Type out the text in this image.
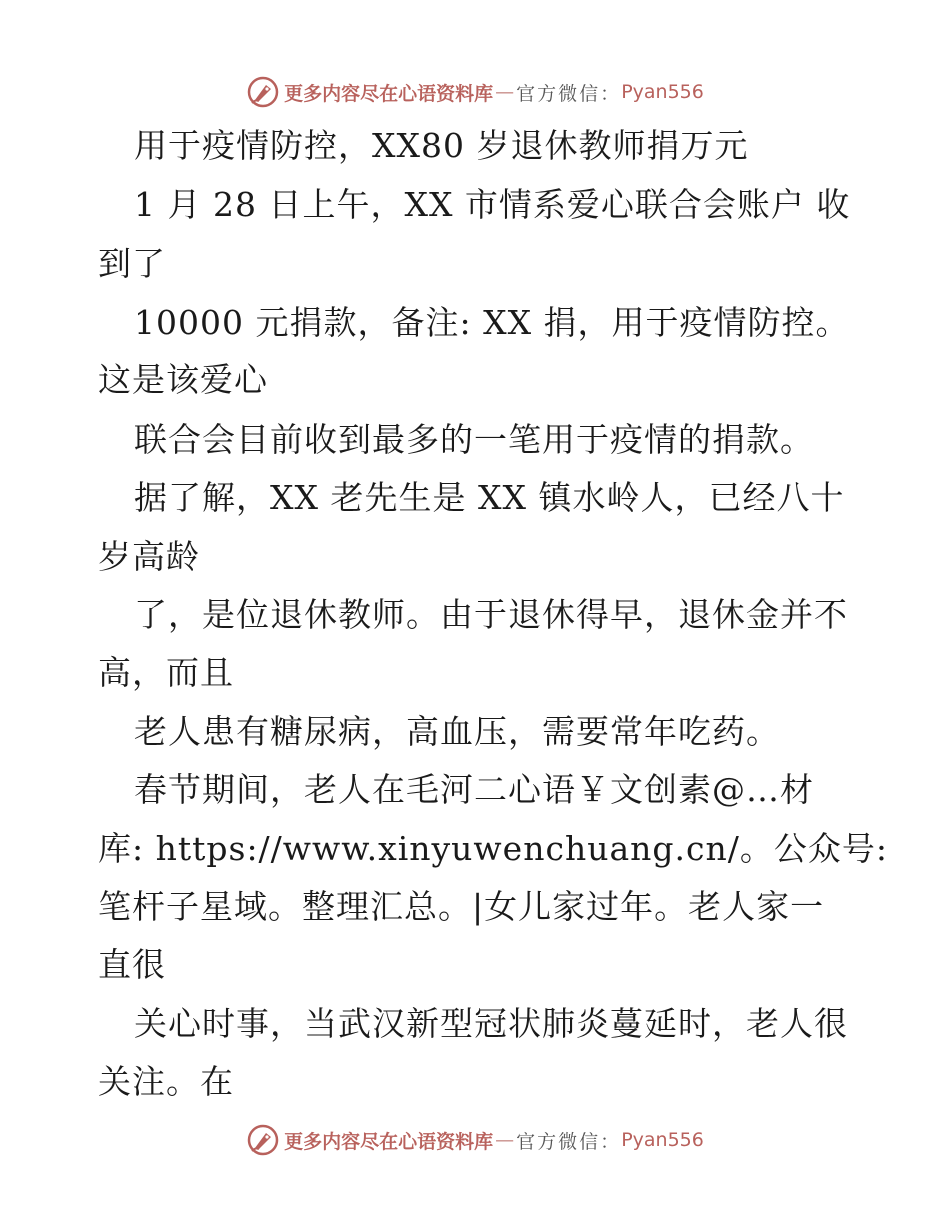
更多内容尽在心语资料库 — 官方微信： Pyan556
用于疫情防控，XX80 岁退休教师捐万元
1 月 28 日上午，XX 市情系爱心联合会账户 收
到了
10000 元捐款，备注: XX 捐，用于疫情防控。
这是该爱心
联合会目前收到最多的一笔用于疫情的捐款。
据了解，XX 老先生是 XX 镇水岭人，已经八十
岁高龄
了，是位退休教师。由于退休得早，退休金并不
高，而且
老人患有糖尿病，高血压，需要常年吃药。
春节期间，老人在毛河二心语￥文创素@…材
库: https://www.xinyuwenchuang.cn/。公众号:
笔杆子星域。整理汇总。|女儿家过年。老人家一
直很
关心时事，当武汉新型冠状肺炎蔓延时，老人很
关注。在
更多内容尽在心语资料库 — 官方微信： Pyan556
